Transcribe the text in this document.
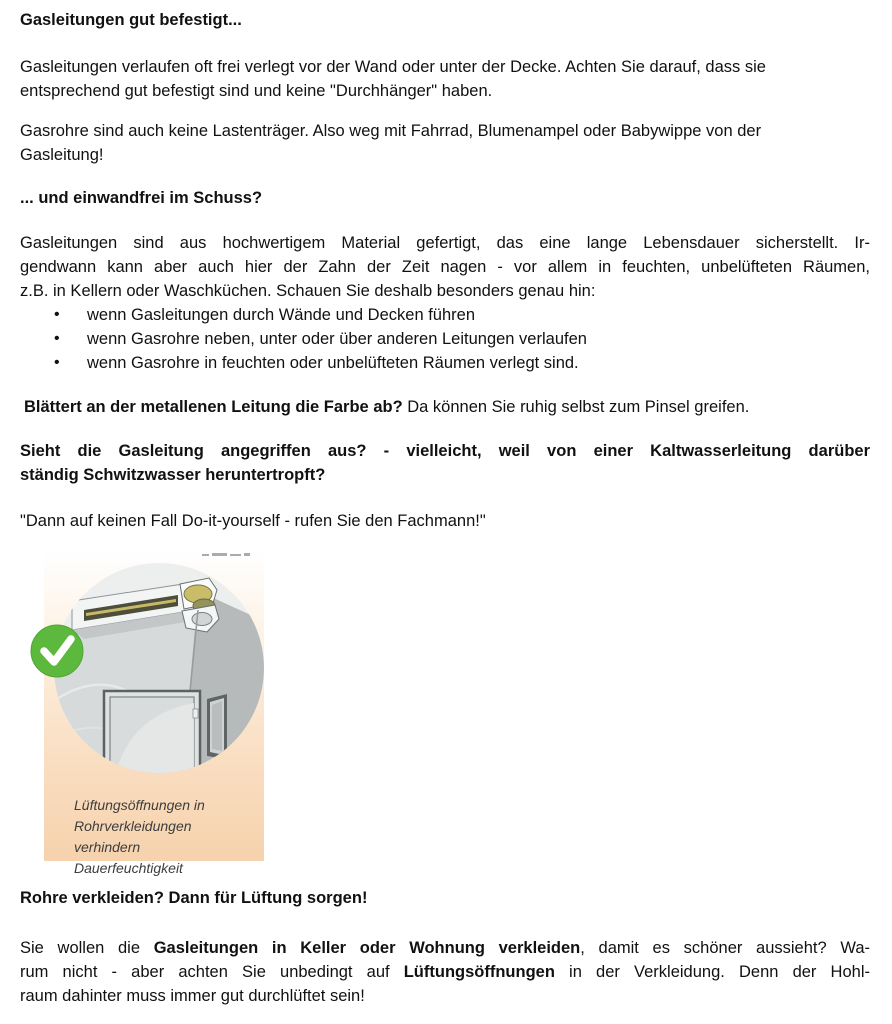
Gasleitungen gut befestigt...
Gasleitungen verlaufen oft frei verlegt vor der Wand oder unter der Decke. Achten Sie darauf, dass sie
entsprechend gut befestigt sind und keine "Durchhänger" haben.
Gasrohre sind auch keine Lastenträger. Also weg mit Fahrrad, Blumenampel oder Babywippe von der
Gasleitung!
... und einwandfrei im Schuss?
Gasleitungen sind aus hochwertigem Material gefertigt, das eine lange Lebensdauer sicherstellt. Ir-
gendwann kann aber auch hier der Zahn der Zeit nagen - vor allem in feuchten, unbelüfteten Räumen,
z.B. in Kellern oder Waschküchen. Schauen Sie deshalb besonders genau hin:
• wenn Gasleitungen durch Wände und Decken führen
• wenn Gasrohre neben, unter oder über anderen Leitungen verlaufen
• wenn Gasrohre in feuchten oder unbelüfteten Räumen verlegt sind.
Blättert an der metallenen Leitung die Farbe ab? Da können Sie ruhig selbst zum Pinsel greifen.
Sieht die Gasleitung angegriffen aus? - vielleicht, weil von einer Kaltwasserleitung darüber
ständig Schwitzwasser heruntertropft?
"Dann auf keinen Fall Do-it-yourself - rufen Sie den Fachmann!"
Lüftungsöffnungen in
Rohrverkleidungen verhindern
Dauerfeuchtigkeit
Rohre verkleiden? Dann für Lüftung sorgen!
Sie wollen die Gasleitungen in Keller oder Wohnung verkleiden, damit es schöner aussieht? Wa-
rum nicht - aber achten Sie unbedingt auf Lüftungsöffnungen in der Verkleidung. Denn der Hohl-
raum dahinter muss immer gut durchlüftet sein!
